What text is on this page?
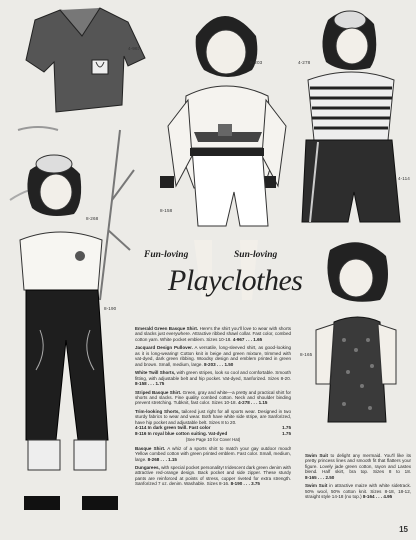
4-967
8-203	4-278
4-114
8-158
8-268
8-190
8-165
Fun-loving	Sun-loving
Playclothes

Emerald Green Basque Shirt. Here's the shirt you'll love to wear with shorts and slacks just everywhere. Attractive ribbed shawl collar. Fast color, combed cotton yarn. White pocket emblem. Sizes 10-18. 4-967 . . . 1.65

Jacquard Design Pullover. A versatile, long-sleeved shirt, as good-looking as it is long-wearing! Cotton knit in beige and green mixture, trimmed with vat-dyed, dark green ribbing. Woodsy design and emblem printed in green and brown. Small, medium, large. 8-203 . . . 1.50

White Twill Shorts, with green stripes, look so cool and comfortable. Smooth fitting, with adjustable belt and hip pocket. Vat-dyed, Sanforized. Sizes 8-20. 8-158 . . . 1.75

Striped Basque Shirt. Green, gray and white—a pretty and practical shirt for shorts and slacks. Fine quality combed cotton. Neck and shoulder binding prevent stretching. Tubknit, fast color. Sizes 10-18. 4-278 . . . 1.15

Trim-looking Shorts, tailored just right for all sports wear. Designed in two sturdy fabrics to wear and wear. Both have white side stripe, are Sanforized, have hip pocket and adjustable belt. Sizes 8 to 20.

4-114 In dark green twill. Fast color	1.75
8-116 In royal blue cotton suiting. Vat-dyed	1.75
(See Page 10 for Cover Hat)

Basque Shirt. A whiz of a sports shirt to match your gay outdoor mood! Yellow combed cotton with green printed emblem. Fast color. Small, medium, large. 8-268 . . . 1.15

Dungarees, with special pocket personality! Iridescent dark green denim with attractive red-orange design. Back pocket and side zipper. These sturdy pants are reinforced at points of stress, copper riveted for extra strength. Sanforized 7 oz. denim. Washable. Sizes 8-16. 8-190 . . . 3.75

Swim Suit to delight any mermaid. You'll like its pretty princess lines and smooth fit that flatters your figure. Lovely jade green cotton, rayon and Lastex blend. Half skirt, bra top. Sizes 8 to 18. 8-165 . . . 2.50

Swim Suit in attractive maize with white sidetrack. 50% wool, 50% cotton knit. Sizes 8-18, 18-12, straight style 14-18 (no top.) 8-164 . . . 4.95

15
